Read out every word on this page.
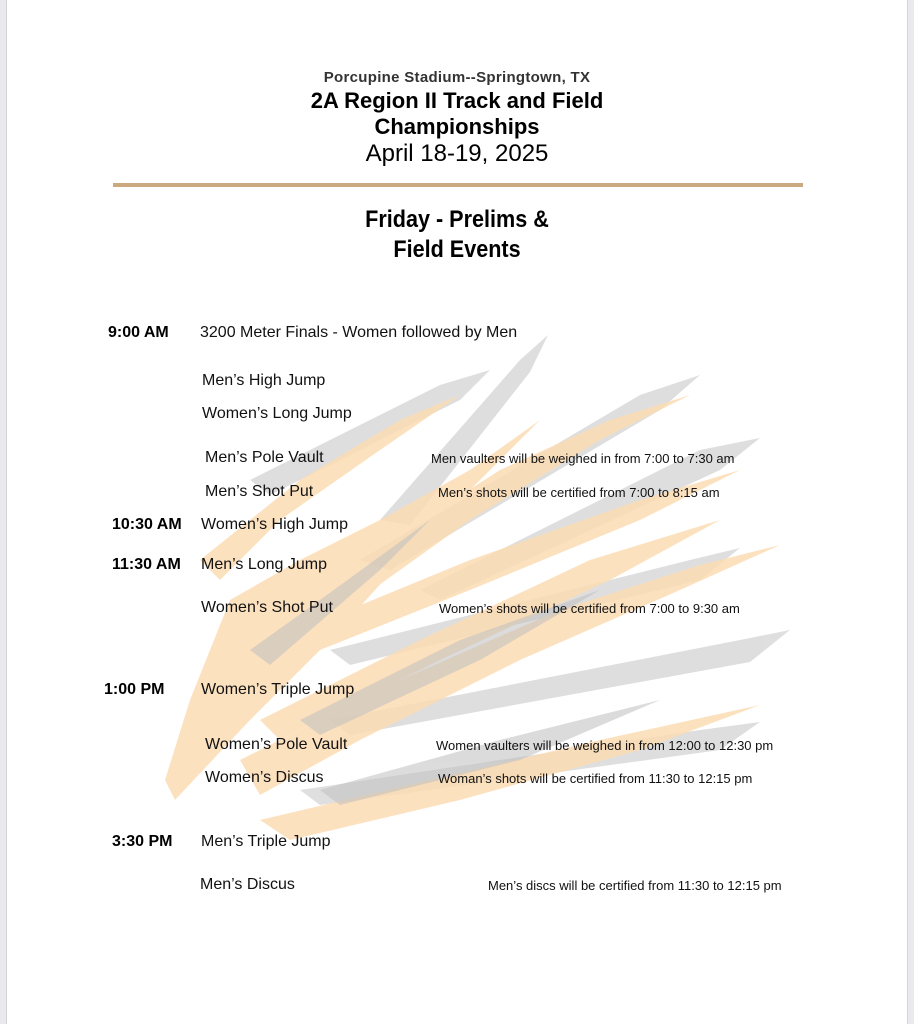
Porcupine Stadium--Springtown, TX
2A Region II Track and Field
Championships
April 18-19, 2025
Friday - Prelims &
Field Events
9:00 AM 3200 Meter Finals - Women followed by Men
Men’s High Jump
Women’s Long Jump
Men’s Pole Vault	Men vaulters will be weighed in from 7:00 to 7:30 am
Men’s Shot Put	Men’s shots will be certified from 7:00 to 8:15 am
10:30 AM Women’s High Jump
11:30 AM Men’s Long Jump
Women’s Shot Put	Women’s shots will be certified from 7:00 to 9:30 am
1:00 PM Women’s Triple Jump
Women’s Pole Vault	Women vaulters will be weighed in from 12:00 to 12:30 pm
Women’s Discus	Woman’s shots will be certified from 11:30 to 12:15 pm
3:30 PM Men’s Triple Jump
Men’s Discus	Men’s discs will be certified from 11:30 to 12:15 pm
